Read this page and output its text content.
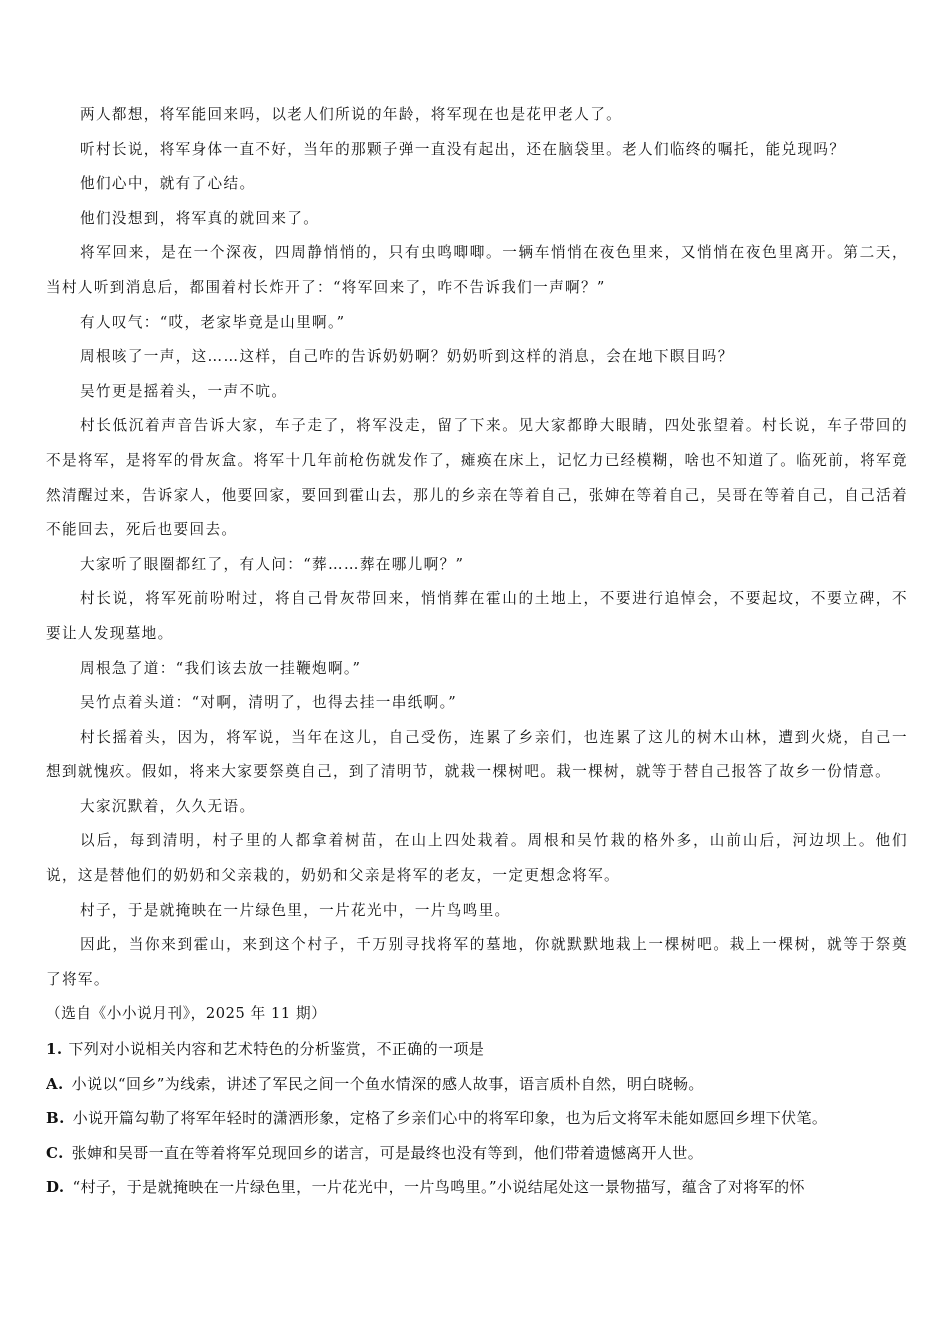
两人都想，将军能回来吗，以老人们所说的年龄，将军现在也是花甲老人了。

听村长说，将军身体一直不好，当年的那颗子弹一直没有起出，还在脑袋里。老人们临终的嘱托，能兑现吗？

他们心中，就有了心结。

他们没想到，将军真的就回来了。

将军回来，是在一个深夜，四周静悄悄的，只有虫鸣唧唧。一辆车悄悄在夜色里来，又悄悄在夜色里离开。第二天，当村人听到消息后，都围着村长炸开了：“将军回来了，咋不告诉我们一声啊？”

有人叹气：“哎，老家毕竟是山里啊。”

周根咳了一声，这……这样，自己咋的告诉奶奶啊？奶奶听到这样的消息，会在地下瞑目吗？

吴竹更是摇着头，一声不吭。

村长低沉着声音告诉大家，车子走了，将军没走，留了下来。见大家都睁大眼睛，四处张望着。村长说，车子带回的不是将军，是将军的骨灰盒。将军十几年前枪伤就发作了，瘫痪在床上，记忆力已经模糊，啥也不知道了。临死前，将军竟然清醒过来，告诉家人，他要回家，要回到霍山去，那儿的乡亲在等着自己，张婶在等着自己，吴哥在等着自己，自己活着不能回去，死后也要回去。

大家听了眼圈都红了，有人问：“葬……葬在哪儿啊？”

村长说，将军死前吩咐过，将自己骨灰带回来，悄悄葬在霍山的土地上，不要进行追悼会，不要起坟，不要立碑，不要让人发现墓地。

周根急了道：“我们该去放一挂鞭炮啊。”

吴竹点着头道：“对啊，清明了，也得去挂一串纸啊。”

村长摇着头，因为，将军说，当年在这儿，自己受伤，连累了乡亲们，也连累了这儿的树木山林，遭到火烧，自己一想到就愧疚。假如，将来大家要祭奠自己，到了清明节，就栽一棵树吧。栽一棵树，就等于替自己报答了故乡一份情意。

大家沉默着，久久无语。

以后，每到清明，村子里的人都拿着树苗，在山上四处栽着。周根和吴竹栽的格外多，山前山后，河边坝上。他们说，这是替他们的奶奶和父亲栽的，奶奶和父亲是将军的老友，一定更想念将军。

村子，于是就掩映在一片绿色里，一片花光中，一片鸟鸣里。

因此，当你来到霍山，来到这个村子，千万别寻找将军的墓地，你就默默地栽上一棵树吧。栽上一棵树，就等于祭奠了将军。

（选自《小小说月刊》，2025 年 11 期）

1. 下列对小说相关内容和艺术特色的分析鉴赏，不正确的一项是

A. 小说以“回乡”为线索，讲述了军民之间一个鱼水情深的感人故事，语言质朴自然，明白晓畅。

B. 小说开篇勾勒了将军年轻时的潇洒形象，定格了乡亲们心中的将军印象，也为后文将军未能如愿回乡埋下伏笔。

C. 张婶和吴哥一直在等着将军兑现回乡的诺言，可是最终也没有等到，他们带着遗憾离开人世。

D. “村子，于是就掩映在一片绿色里，一片花光中，一片鸟鸣里。”小说结尾处这一景物描写，蕴含了对将军的怀
